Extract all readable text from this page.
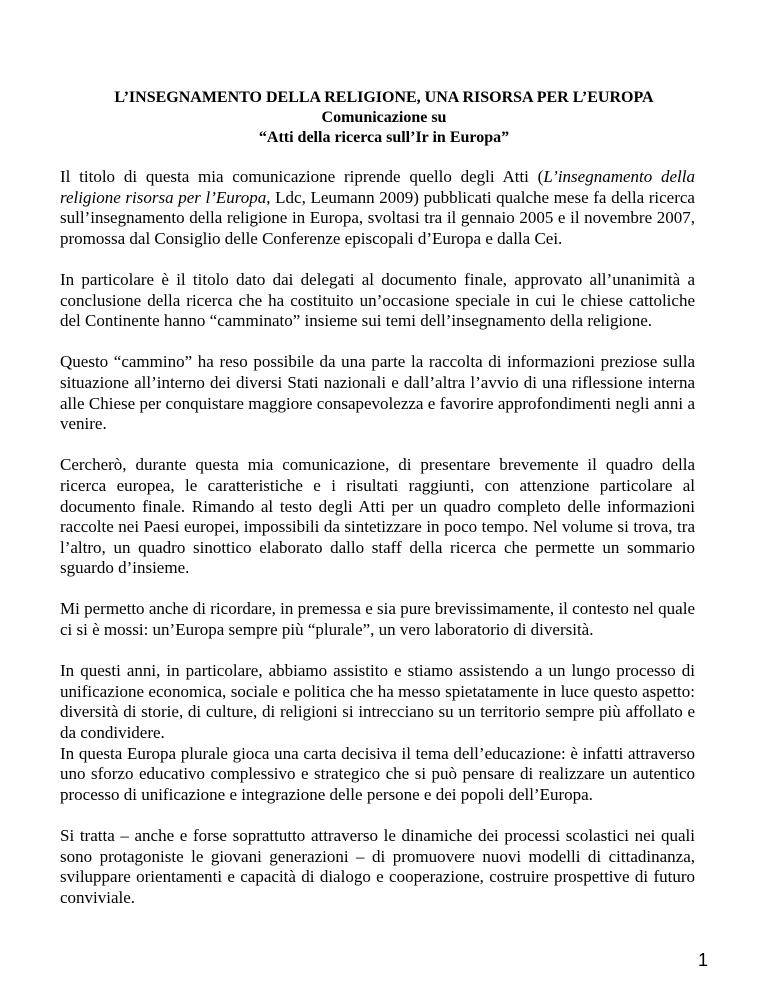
L’INSEGNAMENTO DELLA RELIGIONE, UNA RISORSA PER L’EUROPA
Comunicazione su
“Atti della ricerca sull’Ir in Europa”

Il titolo di questa mia comunicazione riprende quello degli Atti (L’insegnamento della religione risorsa per l’Europa, Ldc, Leumann 2009) pubblicati qualche mese fa della ricerca sull’insegnamento della religione in Europa, svoltasi tra il gennaio 2005 e il novembre 2007, promossa dal Consiglio delle Conferenze episcopali d’Europa e dalla Cei.

In particolare è il titolo dato dai delegati al documento finale, approvato all’unanimità a conclusione della ricerca che ha costituito un’occasione speciale in cui le chiese cattoliche del Continente hanno “camminato” insieme sui temi dell’insegnamento della religione.

Questo “cammino” ha reso possibile da una parte la raccolta di informazioni preziose sulla situazione all’interno dei diversi Stati nazionali e dall’altra l’avvio di una riflessione interna alle Chiese per conquistare maggiore consapevolezza e favorire approfondimenti negli anni a venire.

Cercherò, durante questa mia comunicazione, di presentare brevemente il quadro della ricerca europea, le caratteristiche e i risultati raggiunti, con attenzione particolare al documento finale. Rimando al testo degli Atti per un quadro completo delle informazioni raccolte nei Paesi europei, impossibili da sintetizzare in poco tempo. Nel volume si trova, tra l’altro, un quadro sinottico elaborato dallo staff della ricerca che permette un sommario sguardo d’insieme.

Mi permetto anche di ricordare, in premessa e sia pure brevissimamente, il contesto nel quale ci si è mossi: un’Europa sempre più “plurale”, un vero laboratorio di diversità.

In questi anni, in particolare, abbiamo assistito e stiamo assistendo a un lungo processo di unificazione economica, sociale e politica che ha messo spietatamente in luce questo aspetto: diversità di storie, di culture, di religioni si intrecciano su un territorio sempre più affollato e da condividere.

In questa Europa plurale gioca una carta decisiva il tema dell’educazione: è infatti attraverso uno sforzo educativo complessivo e strategico che si può pensare di realizzare un autentico processo di unificazione e integrazione delle persone e dei popoli dell’Europa.

Si tratta – anche e forse soprattutto attraverso le dinamiche dei processi scolastici nei quali sono protagoniste le giovani generazioni – di promuovere nuovi modelli di cittadinanza, sviluppare orientamenti e capacità di dialogo e cooperazione, costruire prospettive di futuro conviviale.

1
